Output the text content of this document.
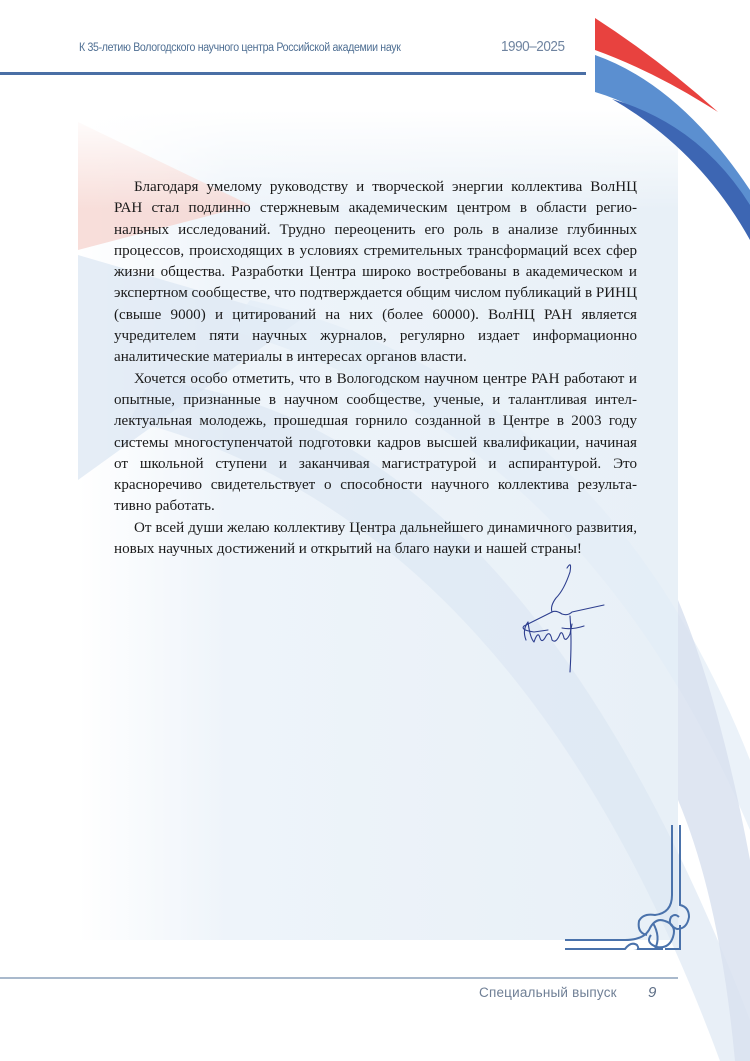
К 35-летию Вологодского научного центра Российской академии наук	1990–2025

Благодаря умелому руководству и творческой энергии коллектива ВолНЦ РАН стал подлинно стержневым академическим центром в области региональных исследований. Трудно переоценить его роль в анализе глубинных процессов, происходящих в условиях стремительных трансформаций всех сфер жизни общества. Разработки Центра широко востребованы в академическом и экспертном сообществе, что подтверждается общим числом публикаций в РИНЦ (свыше 9000) и цитирований на них (более 60000). ВолНЦ РАН является учредителем пяти научных журналов, регулярно издает информационно аналитические материалы в интересах органов власти.

Хочется особо отметить, что в Вологодском научном центре РАН работают и опытные, признанные в научном сообществе, ученые, и талантливая интеллектуальная молодежь, прошедшая горнило созданной в Центре в 2003 году системы многоступенчатой подготовки кадров высшей квалификации, начиная от школьной ступени и заканчивая магистратурой и аспирантурой. Это красноречиво свидетельствует о способности научного коллектива результативно работать.

От всей души желаю коллективу Центра дальнейшего динамичного развития, новых научных достижений и открытий на благо науки и нашей страны!

Специальный выпуск 9
